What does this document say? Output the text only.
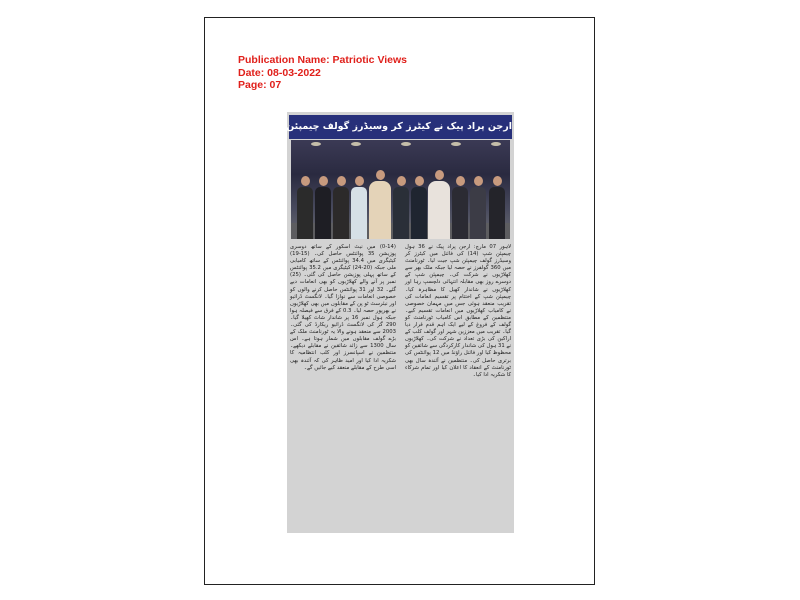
Publication Name: Patriotic Views
Date: 08-03-2022
Page: 07
ارجن پراد پیک نے کیٹرز کر وسیڈرز گولف چیمپئن شپ کپ جیت لیا

لاہور 07 مارچ: ارجن پراد پیک نے 36 ہول چیمپئن شپ (14) کی فائنل میں کیٹرز کر وسیڈرز گولف چیمپئن شپ جیت لیا۔ ٹورنامنٹ میں 360 گولفرز نے حصہ لیا جبکہ ملک بھر سے کھلاڑیوں نے شرکت کی۔ چیمپئن شپ کے دوسرے روز بھی مقابلہ انتہائی دلچسپ رہا اور کھلاڑیوں نے شاندار کھیل کا مظاہرہ کیا۔ چیمپئن شپ کے اختتام پر تقسیم انعامات کی تقریب منعقد ہوئی جس میں مہمان خصوصی نے کامیاب کھلاڑیوں میں انعامات تقسیم کیے۔ منتظمین کے مطابق اس کامیاب ٹورنامنٹ کو گولف کے فروغ کے لیے ایک اہم قدم قرار دیا گیا۔ تقریب میں معززین شہر اور گولف کلب کے اراکین کی بڑی تعداد نے شرکت کی۔ کھلاڑیوں نے 31 ہول کی شاندار کارکردگی سے شائقین کو محظوظ کیا اور فائنل راؤنڈ میں 12 پوائنٹس کی برتری حاصل کی۔ منتظمین نے آئندہ سال بھی ٹورنامنٹ کے انعقاد کا اعلان کیا اور تمام شرکاء کا شکریہ ادا کیا۔

(0-14) میں نیٹ اسکور کے ساتھ دوسری پوزیشن 35 پوائنٹس حاصل کی۔ (15-19) کیٹیگری میں 34.4 پوائنٹس کے ساتھ کامیابی ملی جبکہ (20-24) کیٹیگری میں 35.2 پوائنٹس کے ساتھ پہلی پوزیشن حاصل کی گئی۔ (25) نمبر پر آنے والے کھلاڑیوں کو بھی انعامات دیے گئے۔ 32 اور 31 پوائنٹس حاصل کرنے والوں کو خصوصی انعامات سے نوازا گیا۔ لانگسٹ ڈرائیو اور نیئرسٹ ٹو پن کے مقابلوں میں بھی کھلاڑیوں نے بھرپور حصہ لیا۔ 0.3 کے فرق سے فیصلہ ہوا جبکہ ہول نمبر 16 پر شاندار شاٹ کھیلا گیا۔ 290 گز کی لانگسٹ ڈرائیو ریکارڈ کی گئی۔ 2003 سے منعقد ہونے والا یہ ٹورنامنٹ ملک کے بڑے گولف مقابلوں میں شمار ہوتا ہے۔ اس سال 1300 سے زائد شائقین نے مقابلے دیکھے۔ منتظمین نے اسپانسرز اور کلب انتظامیہ کا شکریہ ادا کیا اور امید ظاہر کی کہ آئندہ بھی اسی طرح کے مقابلے منعقد کیے جائیں گے۔
